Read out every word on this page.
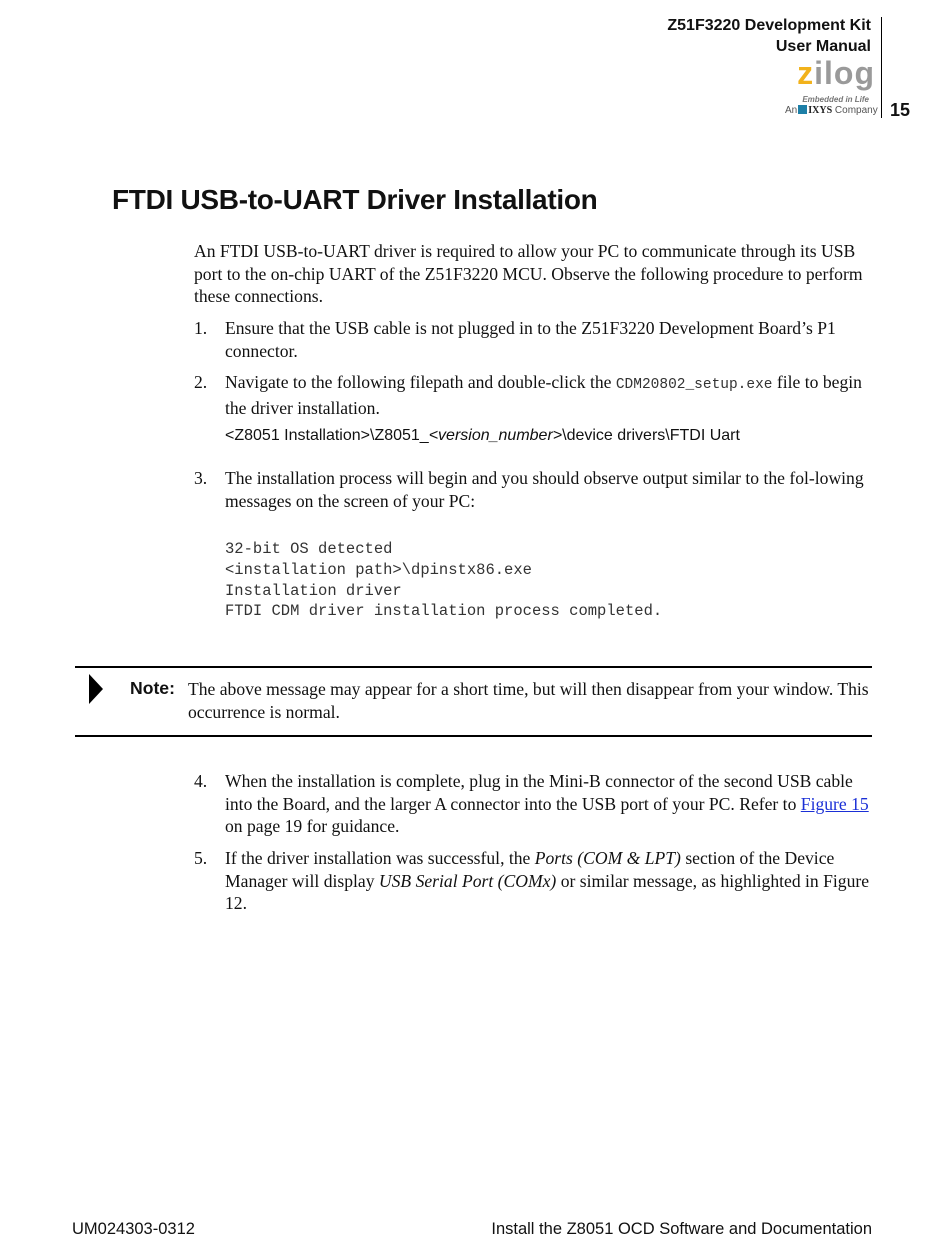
Z51F3220 Development Kit
User Manual
15
zilog
Embedded in Life
An IXYS Company
FTDI USB-to-UART Driver Installation

An FTDI USB-to-UART driver is required to allow your PC to communicate through its USB port to the on-chip UART of the Z51F3220 MCU. Observe the following procedure to perform these connections.

1. Ensure that the USB cable is not plugged in to the Z51F3220 Development Board’s P1 connector.
2. Navigate to the following filepath and double-click the CDM20802_setup.exe file to begin the driver installation.
<Z8051 Installation>\Z8051_<version_number>\device drivers\FTDI Uart
3. The installation process will begin and you should observe output similar to the fol-lowing messages on the screen of your PC:
32-bit OS detected
<installation path>\dpinstx86.exe
Installation driver
FTDI CDM driver installation process completed.
Note: The above message may appear for a short time, but will then disappear from your window. This occurrence is normal.
4. When the installation is complete, plug in the Mini-B connector of the second USB cable into the Board, and the larger A connector into the USB port of your PC. Refer to Figure 15 on page 19 for guidance.
5. If the driver installation was successful, the Ports (COM & LPT) section of the Device Manager will display USB Serial Port (COMx) or similar message, as highlighted in Figure 12.
UM024303-0312	Install the Z8051 OCD Software and Documentation
